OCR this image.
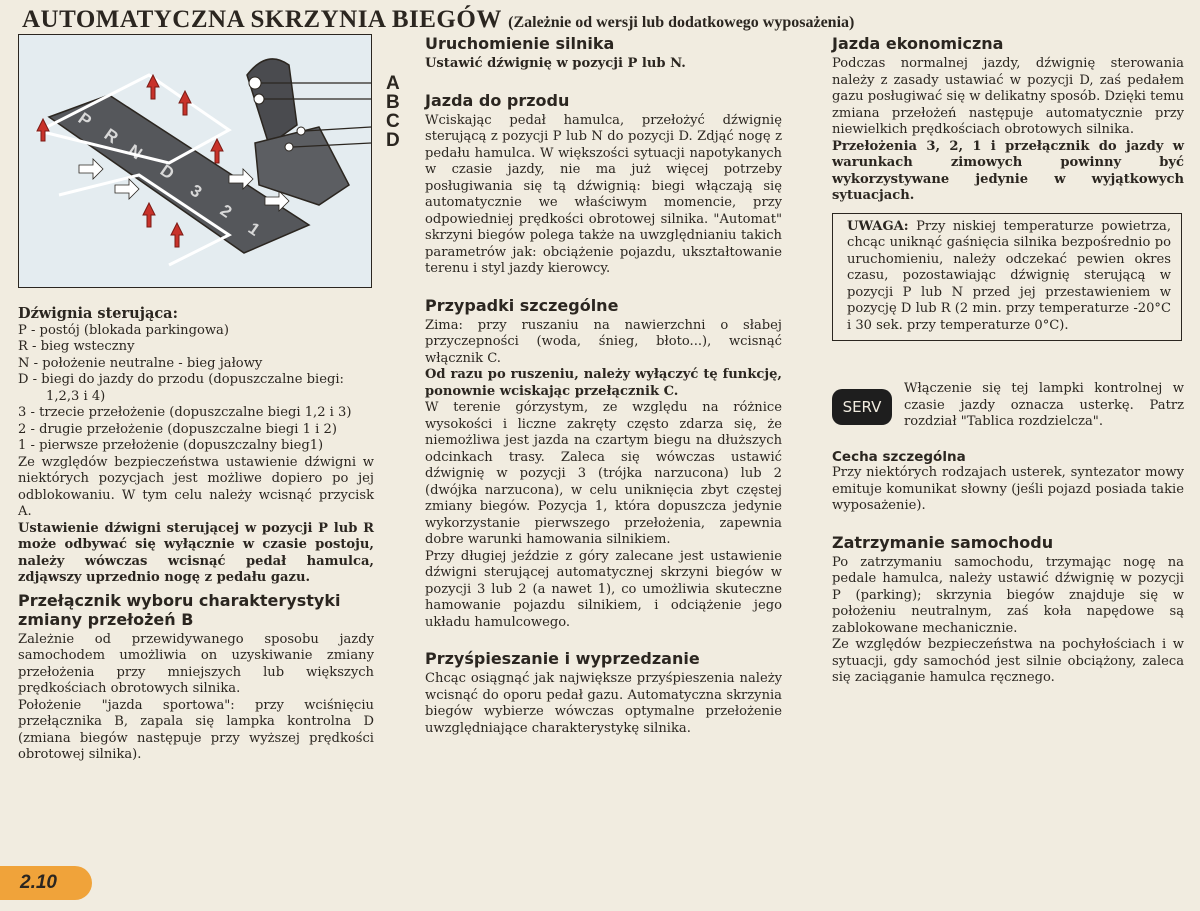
AUTOMATYCZNA SKRZYNIA BIEGÓW (Zależnie od wersji lub dodatkowego wyposażenia)
P
R
N
D
3
2
1

Dźwignia sterująca:

P - postój (blokada parkingowa)
R - bieg wsteczny
N - położenie neutralne - bieg jałowy
D - biegi do jazdy do przodu (dopuszczalne biegi: 1,2,3 i 4)
3 - trzecie przełożenie (dopuszczalne biegi 1,2 i 3)
2 - drugie przełożenie (dopuszczalne biegi 1 i 2)
1 - pierwsze przełożenie (dopuszczalny bieg1)

Ze względów bezpieczeństwa ustawienie dźwigni w niektórych pozycjach jest możliwe dopiero po jej odblokowaniu. W tym celu należy wcisnąć przycisk A.

Ustawienie dźwigni sterującej w pozycji P lub R może odbywać się wyłącznie w czasie postoju, należy wówczas wcisnąć pedał hamulca, zdjąwszy uprzednio nogę z pedału gazu.

Przełącznik wyboru charakterystyki zmiany przełożeń B

Zależnie od przewidywanego sposobu jazdy samochodem umożliwia on uzyskiwanie zmiany przełożenia przy mniejszych lub większych prędkościach obrotowych silnika.

Położenie "jazda sportowa": przy wciśnięciu przełącznika B, zapala się lampka kontrolna D (zmiana biegów następuje przy wyższej prędkości obrotowej silnika).

A
B
C
D
Uruchomienie silnika

Ustawić dźwignię w pozycji P lub N.

Jazda do przodu

Wciskając pedał hamulca, przełożyć dźwignię sterującą z pozycji P lub N do pozycji D. Zdjąć nogę z pedału hamulca. W większości sytuacji napotykanych w czasie jazdy, nie ma już więcej potrzeby posługiwania się tą dźwignią: biegi włączają się automatycznie we właściwym momencie, przy odpowiedniej prędkości obrotowej silnika. "Automat" skrzyni biegów polega także na uwzględnianiu takich parametrów jak: obciążenie pojazdu, ukształtowanie terenu i styl jazdy kierowcy.

Przypadki szczególne

Zima: przy ruszaniu na nawierzchni o słabej przyczepności (woda, śnieg, błoto...), wcisnąć włącznik C.

Od razu po ruszeniu, należy wyłączyć tę funkcję, ponownie wciskając przełącznik C.

W terenie górzystym, ze względu na różnice wysokości i liczne zakręty często zdarza się, że niemożliwa jest jazda na czartym biegu na dłuższych odcinkach trasy. Zaleca się wówczas ustawić dźwignię w pozycji 3 (trójka narzucona) lub 2 (dwójka narzucona), w celu uniknięcia zbyt częstej zmiany biegów. Pozycja 1, która dopuszcza jedynie wykorzystanie pierwszego przełożenia, zapewnia dobre warunki hamowania silnikiem.

Przy długiej jeździe z góry zalecane jest ustawienie dźwigni sterującej automatycznej skrzyni biegów w pozycji 3 lub 2 (a nawet 1), co umożliwia skuteczne hamowanie pojazdu silnikiem, i odciążenie jego układu hamulcowego.

Przyśpieszanie i wyprzedzanie

Chcąc osiągnąć jak największe przyśpieszenia należy wcisnąć do oporu pedał gazu. Automatyczna skrzynia biegów wybierze wówczas optymalne przełożenie uwzględniające charakterystykę silnika.

Jazda ekonomiczna

Podczas normalnej jazdy, dźwignię sterowania należy z zasady ustawiać w pozycji D, zaś pedałem gazu posługiwać się w delikatny sposób. Dzięki temu zmiana przełożeń następuje automatycznie przy niewielkich prędkościach obrotowych silnika.

Przełożenia 3, 2, 1 i przełącznik do jazdy w warunkach zimowych powinny być wykorzystywane jedynie w wyjątkowych sytuacjach.

UWAGA: Przy niskiej temperaturze powietrza, chcąc uniknąć gaśnięcia silnika bezpośrednio po uruchomieniu, należy odczekać pewien okres czasu, pozostawiając dźwignię sterującą w pozycji P lub N przed jej przestawieniem w pozycję D lub R (2 min. przy temperaturze -20°C i 30 sek. przy temperaturze 0°C).

SERV

Włączenie się tej lampki kontrolnej w czasie jazdy oznacza usterkę. Patrz rozdział "Tablica rozdzielcza".

Cecha szczególna

Przy niektórych rodzajach usterek, syntezator mowy emituje komunikat słowny (jeśli pojazd posiada takie wyposażenie).

Zatrzymanie samochodu

Po zatrzymaniu samochodu, trzymając nogę na pedale hamulca, należy ustawić dźwignię w pozycji P (parking); skrzynia biegów znajduje się w położeniu neutralnym, zaś koła napędowe są zablokowane mechanicznie.

Ze względów bezpieczeństwa na pochyłościach i w sytuacji, gdy samochód jest silnie obciążony, zaleca się zaciąganie hamulca ręcznego.

2.10
